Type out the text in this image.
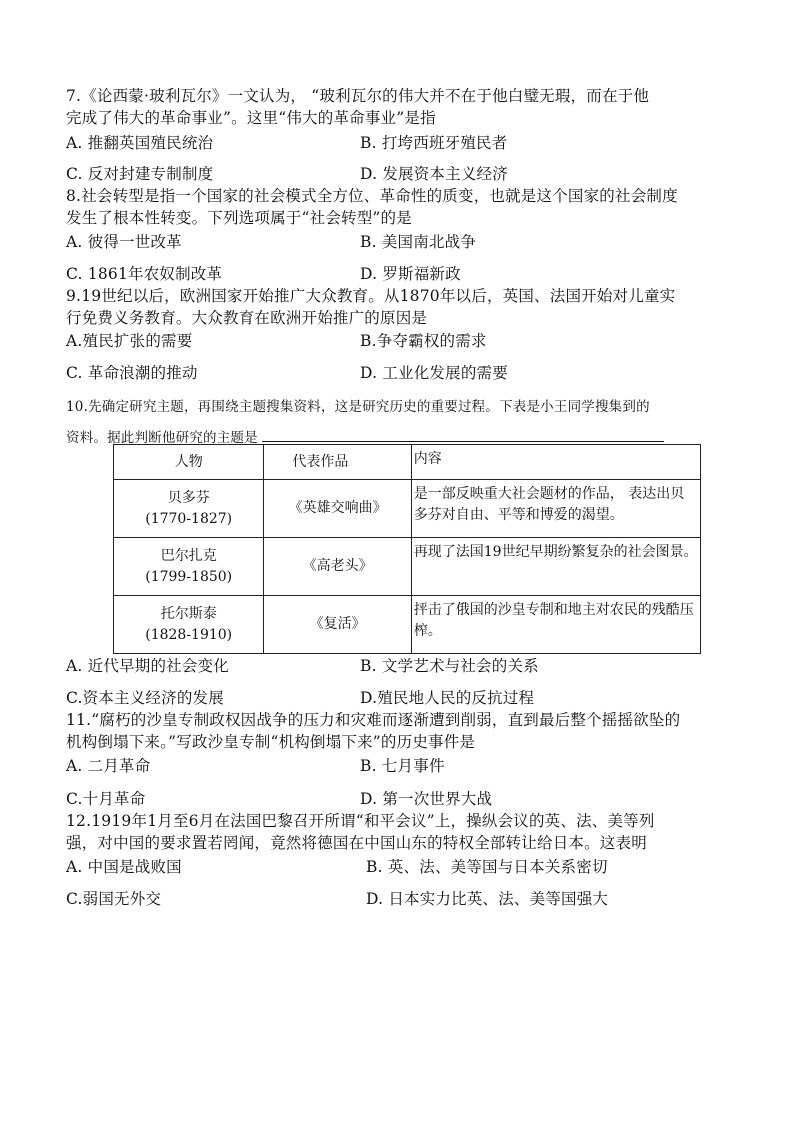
7.《论西蒙·玻利瓦尔》一文认为， “玻利瓦尔的伟大并不在于他白璧无瑕，而在于他
完成了伟大的革命事业”。这里“伟大的革命事业”是指
A. 推翻英国殖民统治	B. 打垮西班牙殖民者
C. 反对封建专制制度	D. 发展资本主义经济
8.社会转型是指一个国家的社会模式全方位、革命性的质变，也就是这个国家的社会制度
发生了根本性转变。下列选项属于“社会转型”的是
A. 彼得一世改革	B. 美国南北战争
C. 1861年农奴制改革	D. 罗斯福新政
9.19世纪以后，欧洲国家开始推广大众教育。从1870年以后，英国、法国开始对儿童实
行免费义务教育。大众教育在欧洲开始推广的原因是
A.殖民扩张的需要	B.争夺霸权的需求
C. 革命浪潮的推动	D. 工业化发展的需要
10.先确定研究主题，再围绕主题搜集资料，这是研究历史的重要过程。下表是小王同学搜集到的
资料。据此判断他研究的主题是
人物	代表作品	内容

贝多芬
(1770-1827)	《英雄交响曲》	是一部反映重大社会题材的作品， 表达出贝多芬对自由、平等和博爱的渴望。

巴尔扎克
(1799-1850)	《高老头》	再现了法国19世纪早期纷繁复杂的社会图景。

托尔斯泰
(1828-1910)	《复活》	抨击了俄国的沙皇专制和地主对农民的残酷压榨。
A. 近代早期的社会变化	B. 文学艺术与社会的关系
C.资本主义经济的发展	D.殖民地人民的反抗过程
11.“腐朽的沙皇专制政权因战争的压力和灾难而逐渐遭到削弱，直到最后整个摇摇欲坠的
机构倒塌下来。”写政沙皇专制“机构倒塌下来”的历史事件是
A. 二月革命	B. 七月事件
C.十月革命	D. 第一次世界大战
12.1919年1月至6月在法国巴黎召开所谓“和平会议”上，操纵会议的英、法、美等列
强，对中国的要求置若罔闻，竟然将德国在中国山东的特权全部转让给日本。这表明
A. 中国是战败国	B. 英、法、美等国与日本关系密切
C.弱国无外交	D. 日本实力比英、法、美等国强大
